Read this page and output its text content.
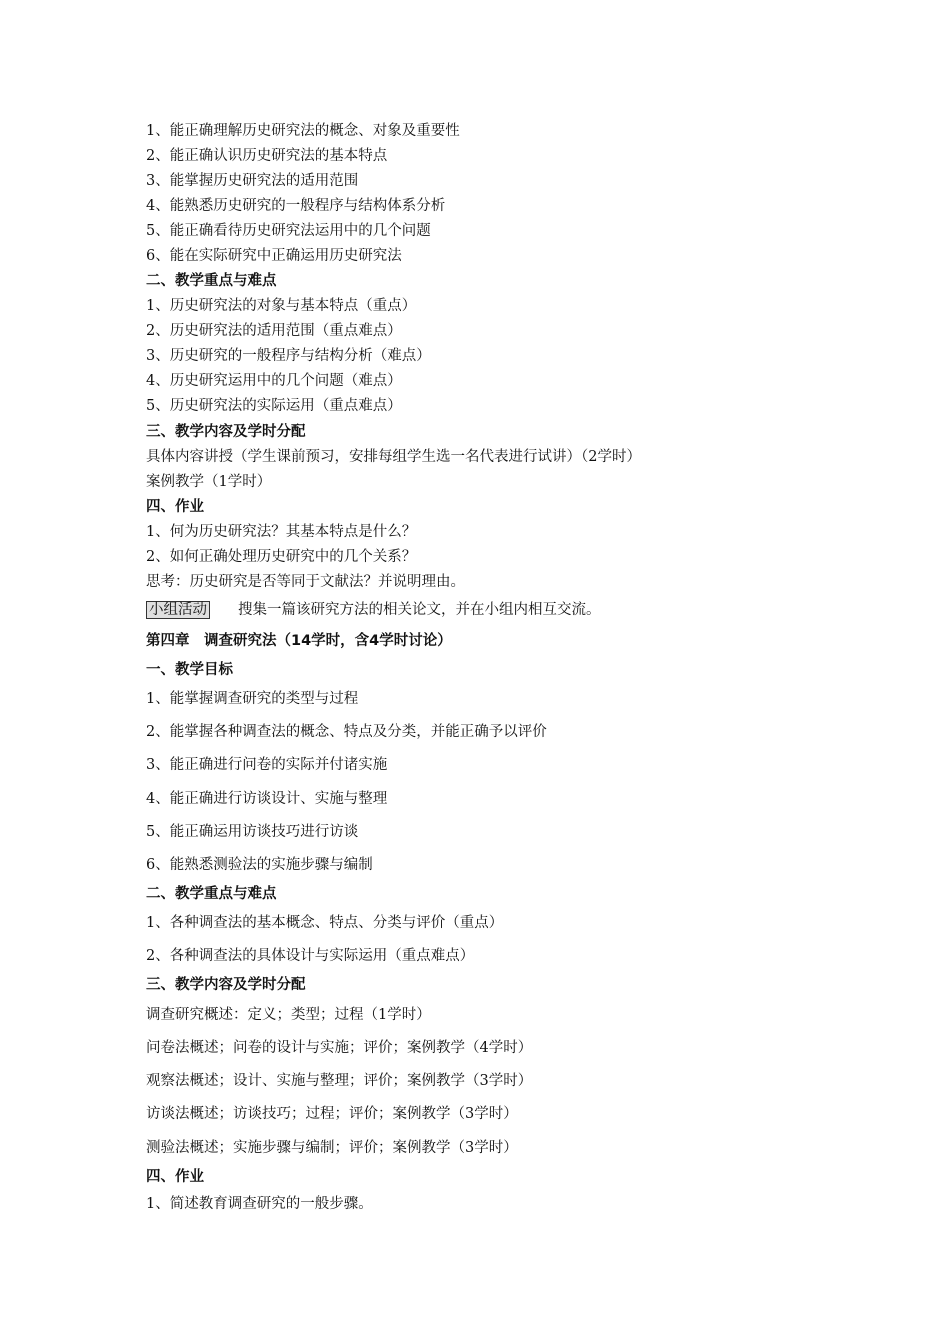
1、能正确理解历史研究法的概念、对象及重要性
2、能正确认识历史研究法的基本特点
3、能掌握历史研究法的适用范围
4、能熟悉历史研究的一般程序与结构体系分析
5、能正确看待历史研究法运用中的几个问题
6、能在实际研究中正确运用历史研究法
二、教学重点与难点
1、历史研究法的对象与基本特点（重点）
2、历史研究法的适用范围（重点难点）
3、历史研究的一般程序与结构分析（难点）
4、历史研究运用中的几个问题（难点）
5、历史研究法的实际运用（重点难点）
三、教学内容及学时分配
具体内容讲授（学生课前预习，安排每组学生选一名代表进行试讲）（2学时）
案例教学（1学时）
四、作业
1、何为历史研究法？其基本特点是什么？
2、如何正确处理历史研究中的几个关系？
思考：历史研究是否等同于文献法？并说明理由。
小组活动 搜集一篇该研究方法的相关论文，并在小组内相互交流。
第四章　调查研究法（14学时，含4学时讨论）
一、教学目标
1、能掌握调查研究的类型与过程
2、能掌握各种调查法的概念、特点及分类，并能正确予以评价
3、能正确进行问卷的实际并付诸实施
4、能正确进行访谈设计、实施与整理
5、能正确运用访谈技巧进行访谈
6、能熟悉测验法的实施步骤与编制
二、教学重点与难点
1、各种调查法的基本概念、特点、分类与评价（重点）
2、各种调查法的具体设计与实际运用（重点难点）
三、教学内容及学时分配
调查研究概述：定义；类型；过程（1学时）
问卷法概述；问卷的设计与实施；评价；案例教学（4学时）
观察法概述；设计、实施与整理；评价；案例教学（3学时）
访谈法概述；访谈技巧；过程；评价；案例教学（3学时）
测验法概述；实施步骤与编制；评价；案例教学（3学时）
四、作业
1、简述教育调查研究的一般步骤。
